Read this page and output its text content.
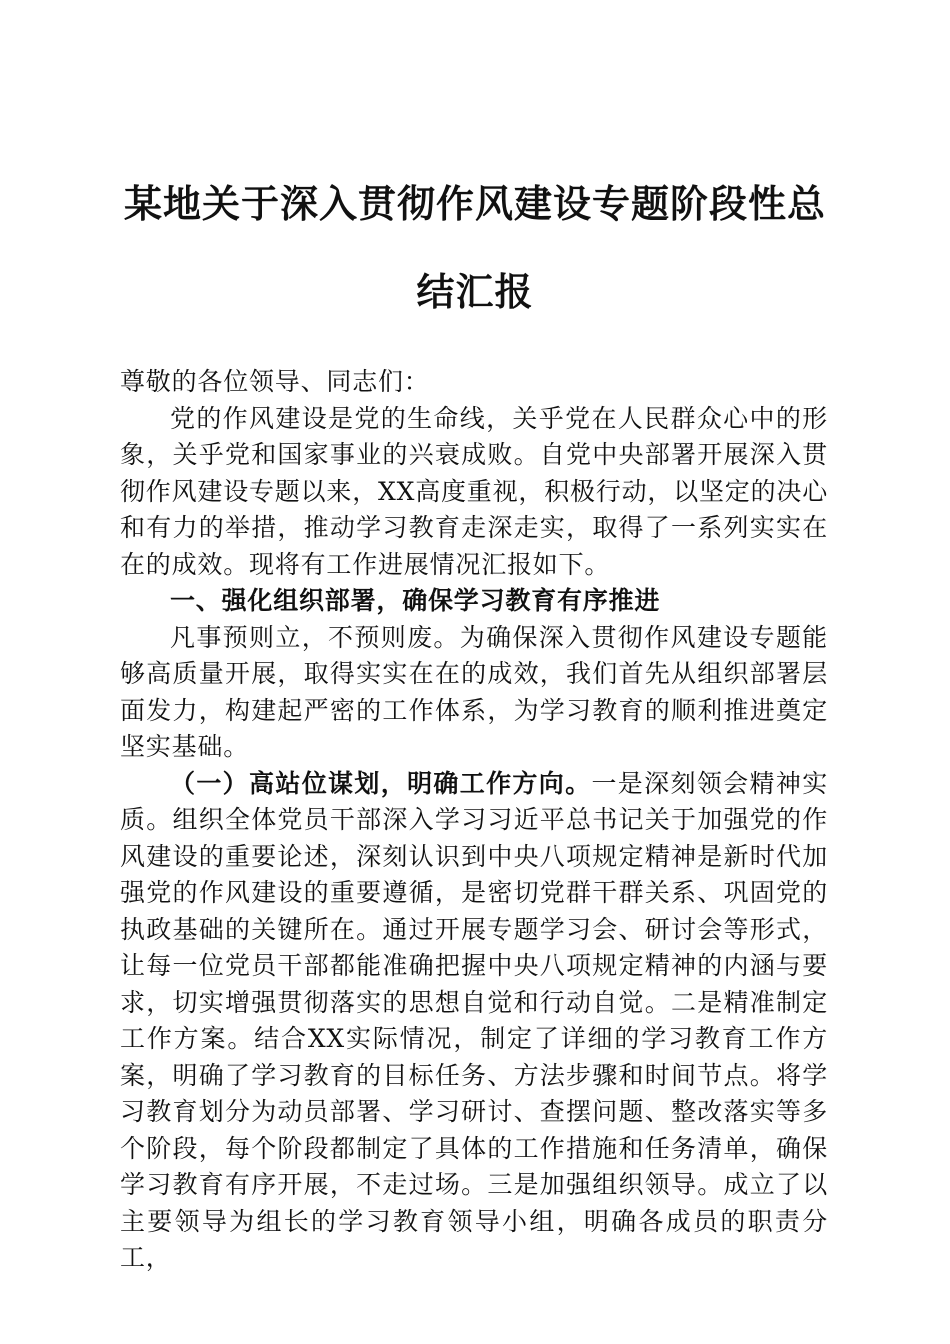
某地关于深入贯彻作风建设专题阶段性总结汇报

尊敬的各位领导、同志们：

党的作风建设是党的生命线，关乎党在人民群众心中的形象，关乎党和国家事业的兴衰成败。自党中央部署开展深入贯彻作风建设专题以来，XX高度重视，积极行动，以坚定的决心和有力的举措，推动学习教育走深走实，取得了一系列实实在在的成效。现将有工作进展情况汇报如下。

一、强化组织部署，确保学习教育有序推进

凡事预则立，不预则废。为确保深入贯彻作风建设专题能够高质量开展，取得实实在在的成效，我们首先从组织部署层面发力，构建起严密的工作体系，为学习教育的顺利推进奠定坚实基础。

（一）高站位谋划，明确工作方向。一是深刻领会精神实质。组织全体党员干部深入学习习近平总书记关于加强党的作风建设的重要论述，深刻认识到中央八项规定精神是新时代加强党的作风建设的重要遵循，是密切党群干群关系、巩固党的执政基础的关键所在。通过开展专题学习会、研讨会等形式，让每一位党员干部都能准确把握中央八项规定精神的内涵与要求，切实增强贯彻落实的思想自觉和行动自觉。二是精准制定工作方案。结合XX实际情况，制定了详细的学习教育工作方案，明确了学习教育的目标任务、方法步骤和时间节点。将学习教育划分为动员部署、学习研讨、查摆问题、整改落实等多个阶段，每个阶段都制定了具体的工作措施和任务清单，确保学习教育有序开展，不走过场。三是加强组织领导。成立了以主要领导为组长的学习教育领导小组，明确各成员的职责分工，
